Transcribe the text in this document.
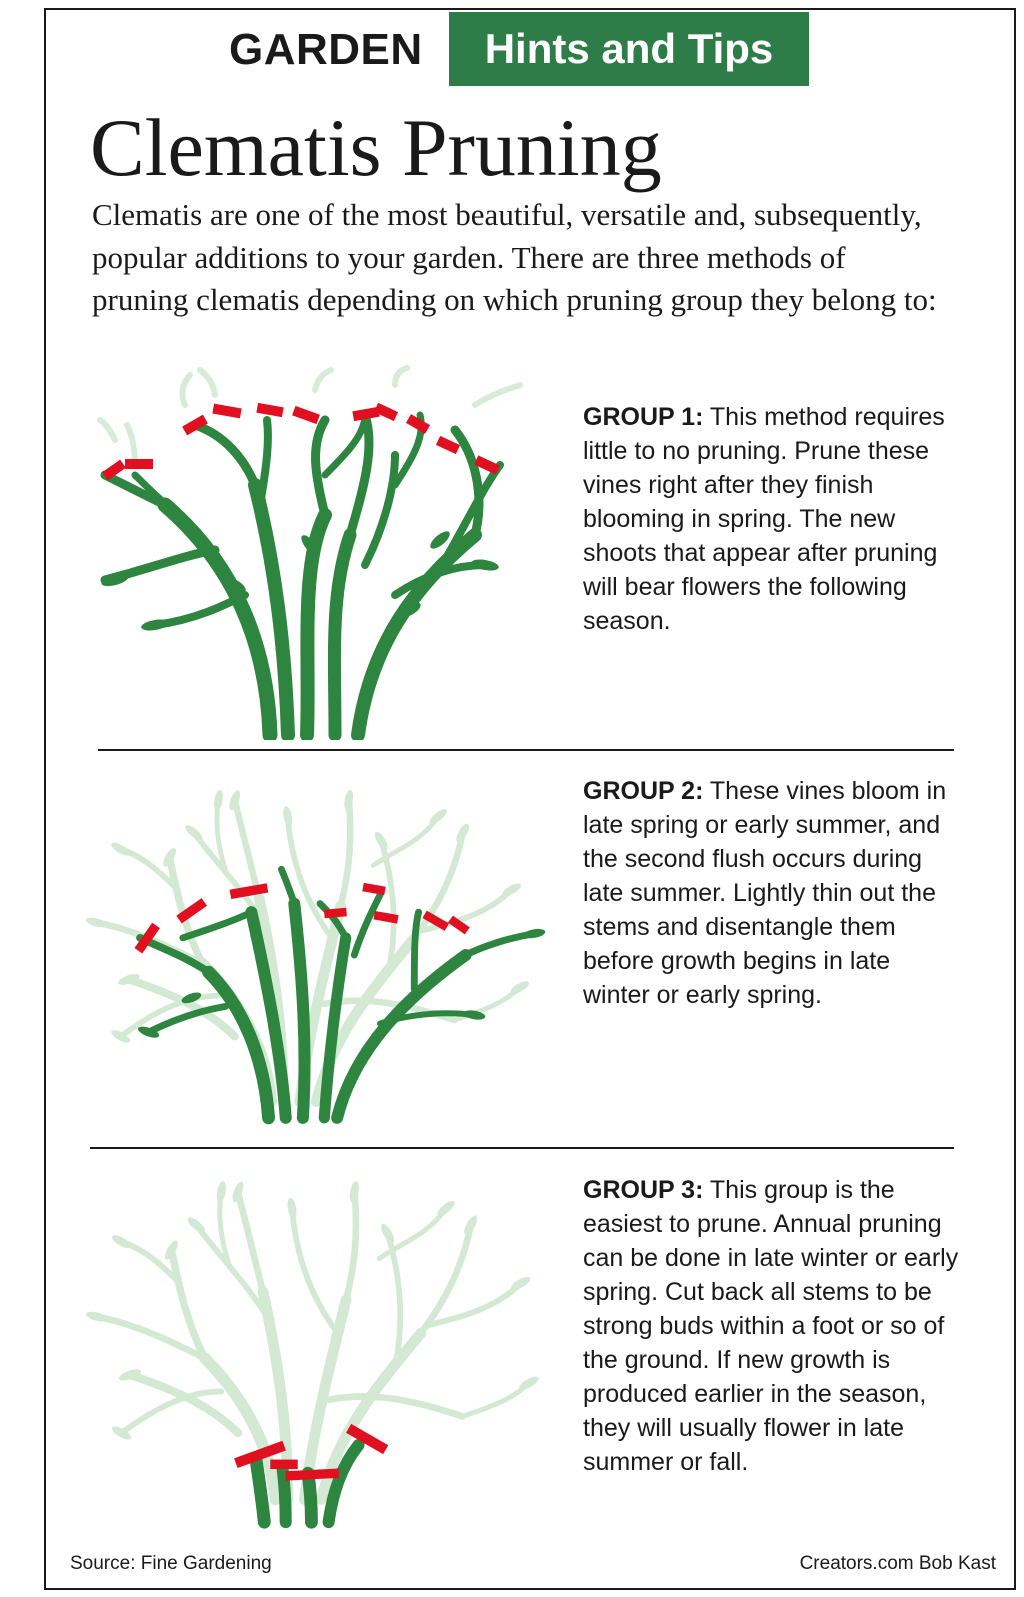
GARDEN	Hints and Tips
Clematis Pruning

Clematis are one of the most beautiful, versatile and, subsequently, popular additions to your garden. There are three methods of pruning clematis depending on which pruning group they belong to:

GROUP 1: This method requires little to no pruning. Prune these vines right after they finish blooming in spring. The new shoots that appear after pruning will bear flowers the following season.
GROUP 2: These vines bloom in late spring or early summer, and the second flush occurs during late summer. Lightly thin out the stems and disentangle them before growth begins in late winter or early spring.
GROUP 3: This group is the easiest to prune. Annual pruning can be done in late winter or early spring. Cut back all stems to be strong buds within a foot or so of the ground. If new growth is produced earlier in the season, they will usually flower in late summer or fall.
Source: Fine Gardening	Creators.com Bob Kast
